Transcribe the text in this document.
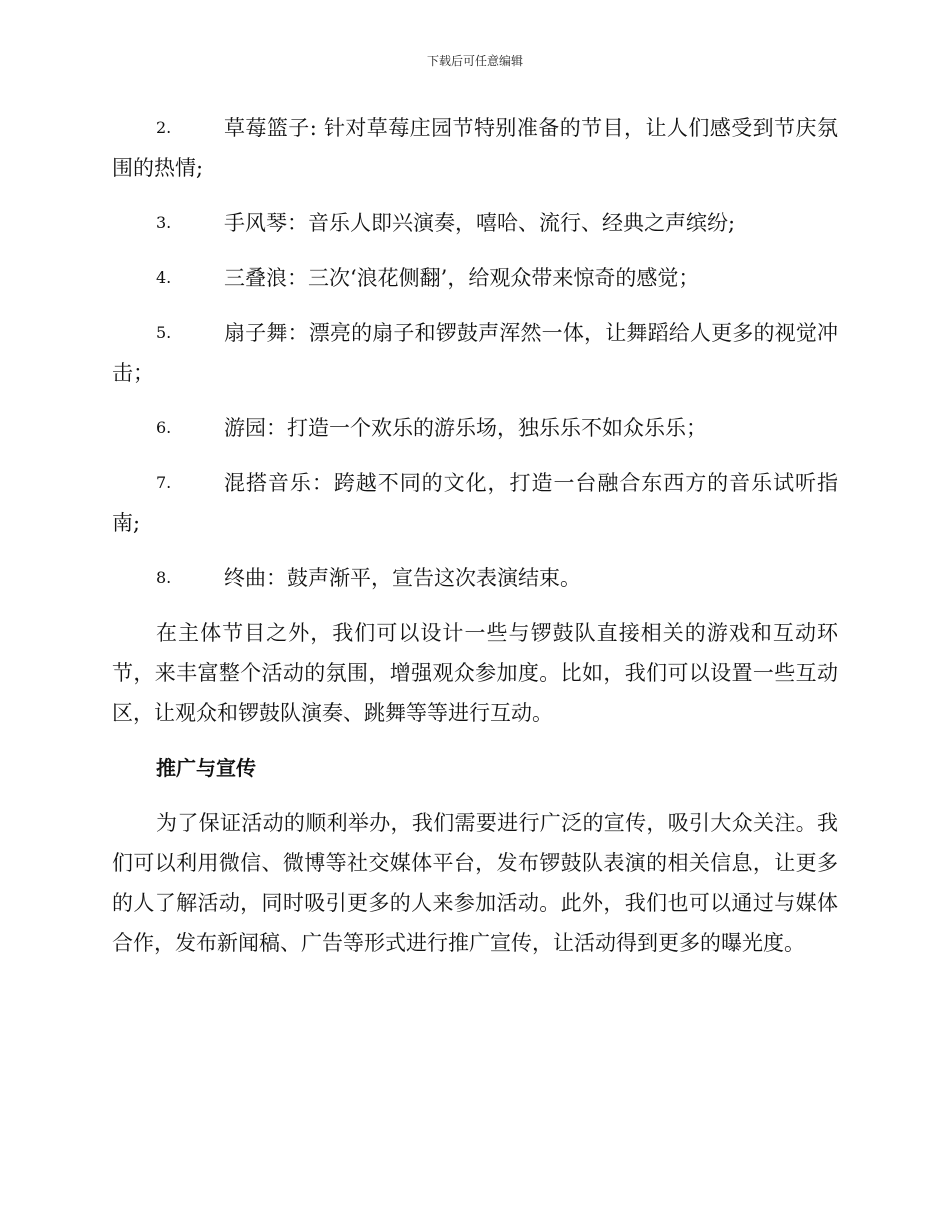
下载后可任意编辑
2.	草莓篮子: 针对草莓庄园节特别准备的节目，让人们感受到节庆氛围的热情;
3.	手风琴：音乐人即兴演奏，嘻哈、流行、经典之声缤纷;
4.	三叠浪：三次‘浪花侧翻’，给观众带来惊奇的感觉；
5.	扇子舞：漂亮的扇子和锣鼓声浑然一体，让舞蹈给人更多的视觉冲击；
6.	游园：打造一个欢乐的游乐场，独乐乐不如众乐乐；
7.	混搭音乐：跨越不同的文化，打造一台融合东西方的音乐试听指南;
8.	终曲：鼓声渐平，宣告这次表演结束。

在主体节目之外，我们可以设计一些与锣鼓队直接相关的游戏和互动环节，来丰富整个活动的氛围，增强观众参加度。比如，我们可以设置一些互动区，让观众和锣鼓队演奏、跳舞等等进行互动。

推广与宣传

为了保证活动的顺利举办，我们需要进行广泛的宣传，吸引大众关注。我们可以利用微信、微博等社交媒体平台，发布锣鼓队表演的相关信息，让更多的人了解活动，同时吸引更多的人来参加活动。此外，我们也可以通过与媒体合作，发布新闻稿、广告等形式进行推广宣传，让活动得到更多的曝光度。
